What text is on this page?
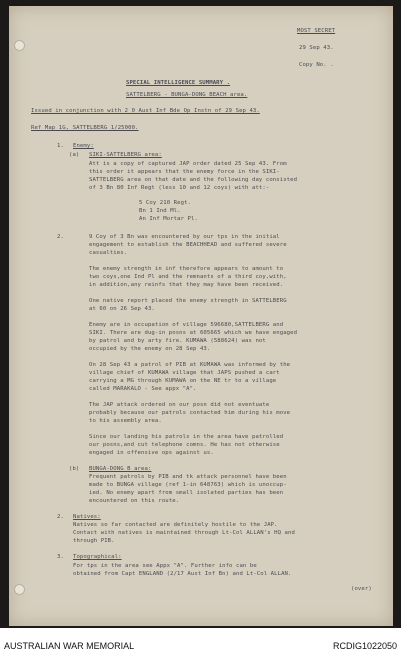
MOST SECRET
29 Sep 43.
Copy No. .
SPECIAL INTELLIGENCE SUMMARY .
SATTELBERG - BUNGA-DONG BEACH area.
Issued in conjunction with 2 0 Aust Inf Bde Op Instn of 29 Sep 43.
Ref Map 1G, SATTELBERG 1/25000.
1. Enemy:
(a) SIKI-SATTELBERG area:
Att is a copy of captured JAP order dated 25 Sep 43. From
this order it appears that the enemy force in the SIKI-
SATTELBERG area on that date and the following day consisted
of 3 Bn 80 Inf Regt (less 10 and 12 coys) with att:-
5 Coy 210 Regt.
Bn 1 Ind Ml.
An Inf Mortar Pl.
2.	9 Coy of 3 Bn was encountered by our tps in the initial
engagement to establish the BEACHHEAD and suffered severe
casualties.
The enemy strength in inf therefore appears to amount to
two coys,one Ind Pl and the remnants of a third coy,with,
in addition,any reinfs that they may have been received.
One native report placed the enemy strength in SATTELBERG
at 60 on 26 Sep 43.
Enemy are in occupation of village 596680,SATTELBERG and
SIKI. There are dug-in posns at 605665 which we have engaged
by patrol and by arty fire. KUMAWA (588624) was not
occupied by the enemy on 28 Sep 43.
On 28 Sep 43 a patrol of PIB at KUMAWA was informed by the
village chief of KUMAWA village that JAPS pushed a cart
carrying a MG through KUMAWA on the NE tr to a village
called MARAKALO - See appx "A".
The JAP attack ordered on our posn did not eventuate
probably because our patrols contacted him during his move
to his assembly area.
Since our landing his patrols in the area have patrolled
our posns,and cut telephone comns. He has not otherwise
engaged in offensive ops against us.
(b) BUNGA-DONG B area:
Frequent patrols by PIB and tk attack personnel have been
made to BUNGA village (ref 1-in 648763) which is unoccup-
ied. No enemy apart from small isolated parties has been
encountered on this route.
2. Natives:
Natives so far contacted are definitely hostile to the JAP.
Contact with natives is maintained through Lt-Col ALLAN's HQ and
through PIB.
3. Topographical:
For tps in the area see Appx "A". Further info can be
obtained from Capt ENGLAND (2/17 Aust Inf Bn) and Lt-Col ALLAN.
(over)
AUSTRALIAN WAR MEMORIAL	RCDIG1022050
